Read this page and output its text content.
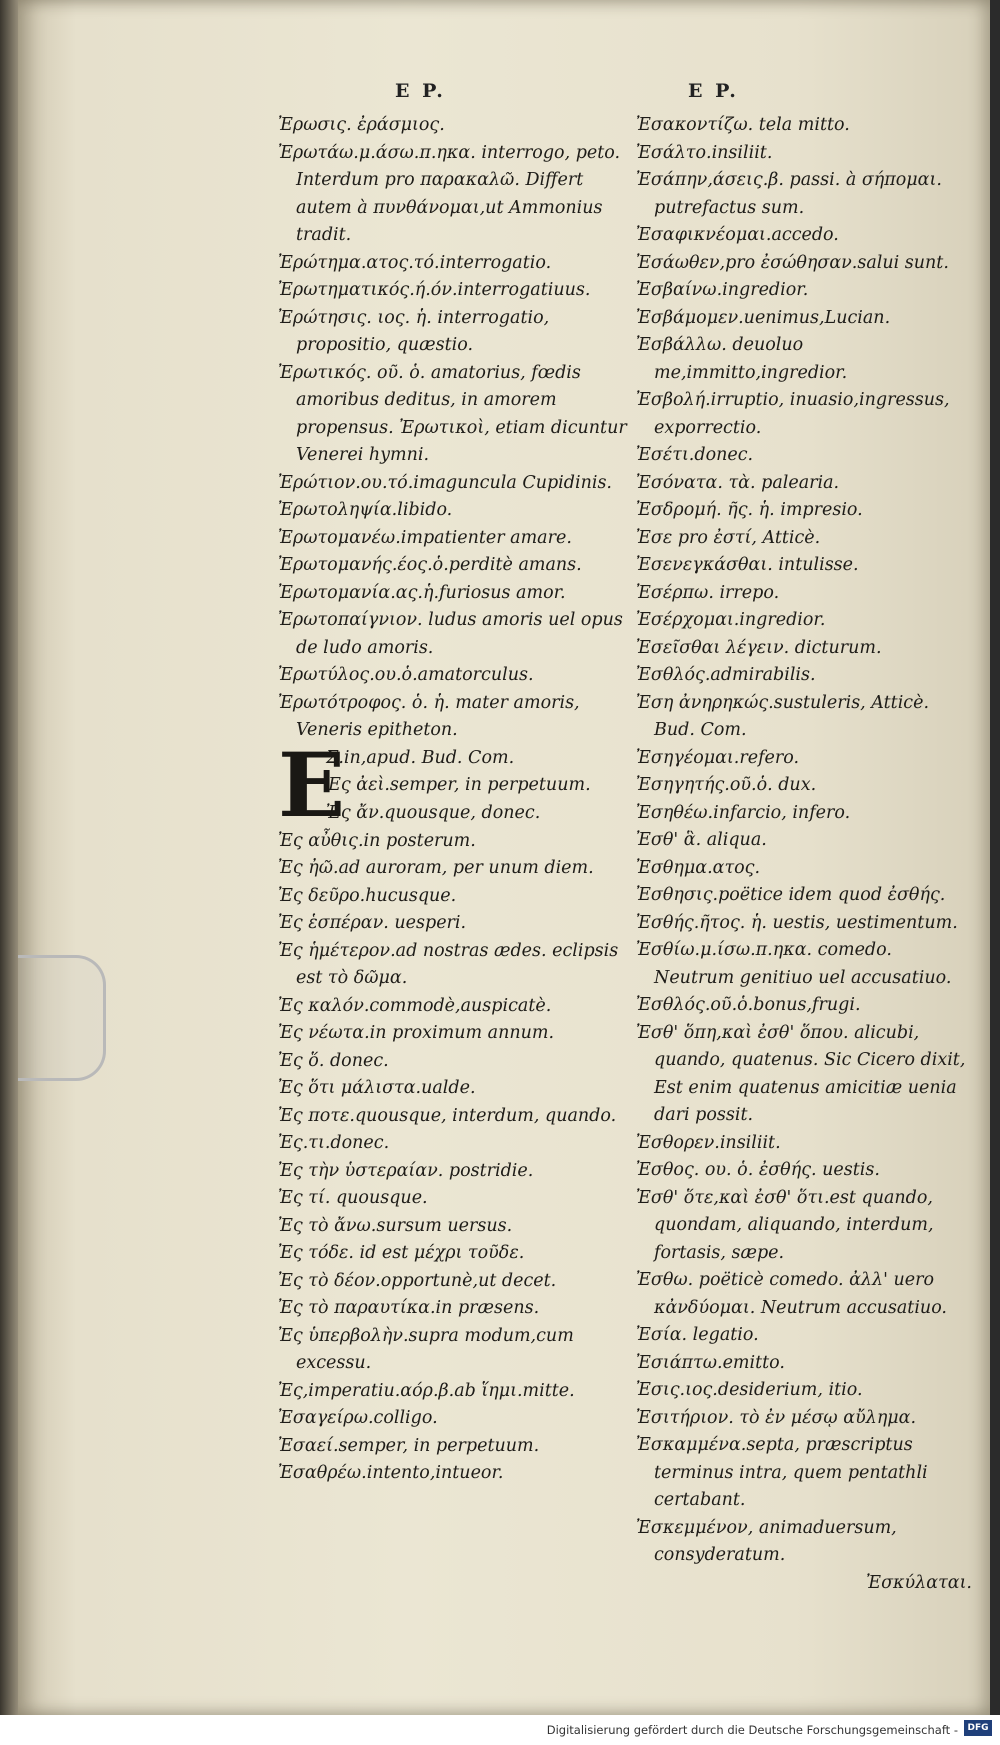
E P.	E P.
Ἐρωσις. ἐράσμιος.
Ἐρωτάω.μ.άσω.π.ηκα. interrogo, peto. Interdum pro παρακαλῶ. Differt autem à πυνθάνομαι,ut Ammonius tradit.
Ἐρώτημα.ατος.τό.interrogatio.
Ἐρωτηματικός.ή.όν.interrogatiuus.
Ἐρώτησις. ιος. ἡ. interrogatio, propositio, quæstio.
Ἐρωτικός. οῦ. ὁ. amatorius, fœdis amoribus deditus, in amorem propensus. Ἐρωτικοὶ, etiam dicuntur Venerei hymni.
Ἐρώτιον.ου.τό.imaguncula Cupidinis.
Ἐρωτοληψία.libido.
Ἐρωτομανέω.impatienter amare.
Ἐρωτομανής.έος.ὁ.perditè amans.
Ἐρωτομανία.ας.ἡ.furiosus amor.
Ἐρωτοπαίγνιον. ludus amoris uel opus de ludo amoris.
Ἐρωτύλος.ου.ὁ.amatorculus.
Ἐρωτότροφος. ὁ. ἡ. mater amoris, Veneris epitheton.
E
Σ.in,apud. Bud. Com.
Ἐς ἀεὶ.semper, in perpetuum.
Ἐς ἄν.quousque, donec.
Ἐς αὖθις.in posterum.
Ἐς ἠῶ.ad auroram, per unum diem.
Ἐς δεῦρο.hucusque.
Ἐς ἑσπέραν. uesperi.
Ἐς ἡμέτερον.ad nostras ædes. eclipsis est τὸ δῶμα.
Ἐς καλόν.commodè,auspicatè.
Ἐς νέωτα.in proximum annum.
Ἐς ὅ. donec.
Ἐς ὅτι μάλιστα.ualde.
Ἐς ποτε.quousque, interdum, quando.
Ἐς.τι.donec.
Ἐς τὴν ὑστεραίαν. postridie.
Ἐς τί. quousque.
Ἐς τὸ ἄνω.sursum uersus.
Ἐς τόδε. id est μέχρι τοῦδε.
Ἐς τὸ δέον.opportunè,ut decet.
Ἐς τὸ παραυτίκα.in præsens.
Ἐς ὑπερβολὴν.supra modum,cum excessu.
Ἐς,imperatiu.αόρ.β.ab ἵημι.mitte.
Ἐσαγείρω.colligo.
Ἐσαεί.semper, in perpetuum.
Ἐσαθρέω.intento,intueor.
Ἐσακοντίζω. tela mitto.
Ἐσάλτο.insiliit.
Ἐσάπην,άσεις.β. passi. à σήπομαι. putrefactus sum.
Ἐσαφικνέομαι.accedo.
Ἐσάωθεν,pro ἐσώθησαν.salui sunt.
Ἐσβαίνω.ingredior.
Ἐσβάμομεν.uenimus,Lucian.
Ἐσβάλλω. deuoluo me,immitto,ingredior.
Ἐσβολή.irruptio, inuasio,ingressus, exporrectio.
Ἐσέτι.donec.
Ἐσόνατα. τὰ. palearia.
Ἐσδρομή. ῆς. ἡ. impresio.
Ἐσε pro ἐστί, Atticè.
Ἐσενεγκάσθαι. intulisse.
Ἐσέρπω. irrepo.
Ἐσέρχομαι.ingredior.
Ἐσεῖσθαι λέγειν. dicturum.
Ἐσθλός.admirabilis.
Ἐση ἀνηρηκώς.sustuleris, Atticè. Bud. Com.
Ἐσηγέομαι.refero.
Ἐσηγητής.οῦ.ὁ. dux.
Ἐσηθέω.infarcio, infero.
Ἐσθ' ἃ. aliqua.
Ἐσθημα.ατος.
Ἐσθησις.poëtice idem quod ἐσθής.
Ἐσθής.ῆτος. ἡ. uestis, uestimentum.
Ἐσθίω.μ.ίσω.π.ηκα. comedo. Neutrum genitiuo uel accusatiuo.
Ἐσθλός.οῦ.ὁ.bonus,frugi.
Ἐσθ' ὅπη,καὶ ἐσθ' ὅπου. alicubi, quando, quatenus. Sic Cicero dixit, Est enim quatenus amicitiæ uenia dari possit.
Ἐσθορεν.insiliit.
Ἐσθος. ου. ὁ. ἐσθής. uestis.
Ἐσθ' ὅτε,καὶ ἐσθ' ὅτι.est quando, quondam, aliquando, interdum, fortasis, sæpe.
Ἐσθω. poëticè comedo. ἀλλ' uero κἀνδύομαι. Neutrum accusatiuo.
Ἐσία. legatio.
Ἐσιάπτω.emitto.
Ἐσις.ιος.desiderium, itio.
Ἐσιτήριον. τὸ ἐν μέσῳ αὔλημα.
Ἐσκαμμένα.septa, præscriptus terminus intra, quem pentathli certabant.
Ἐσκεμμένον, animaduersum, consyderatum.
Ἐσκύλαται.
Digitalisierung gefördert durch die Deutsche Forschungsgemeinschaft -	DFG
